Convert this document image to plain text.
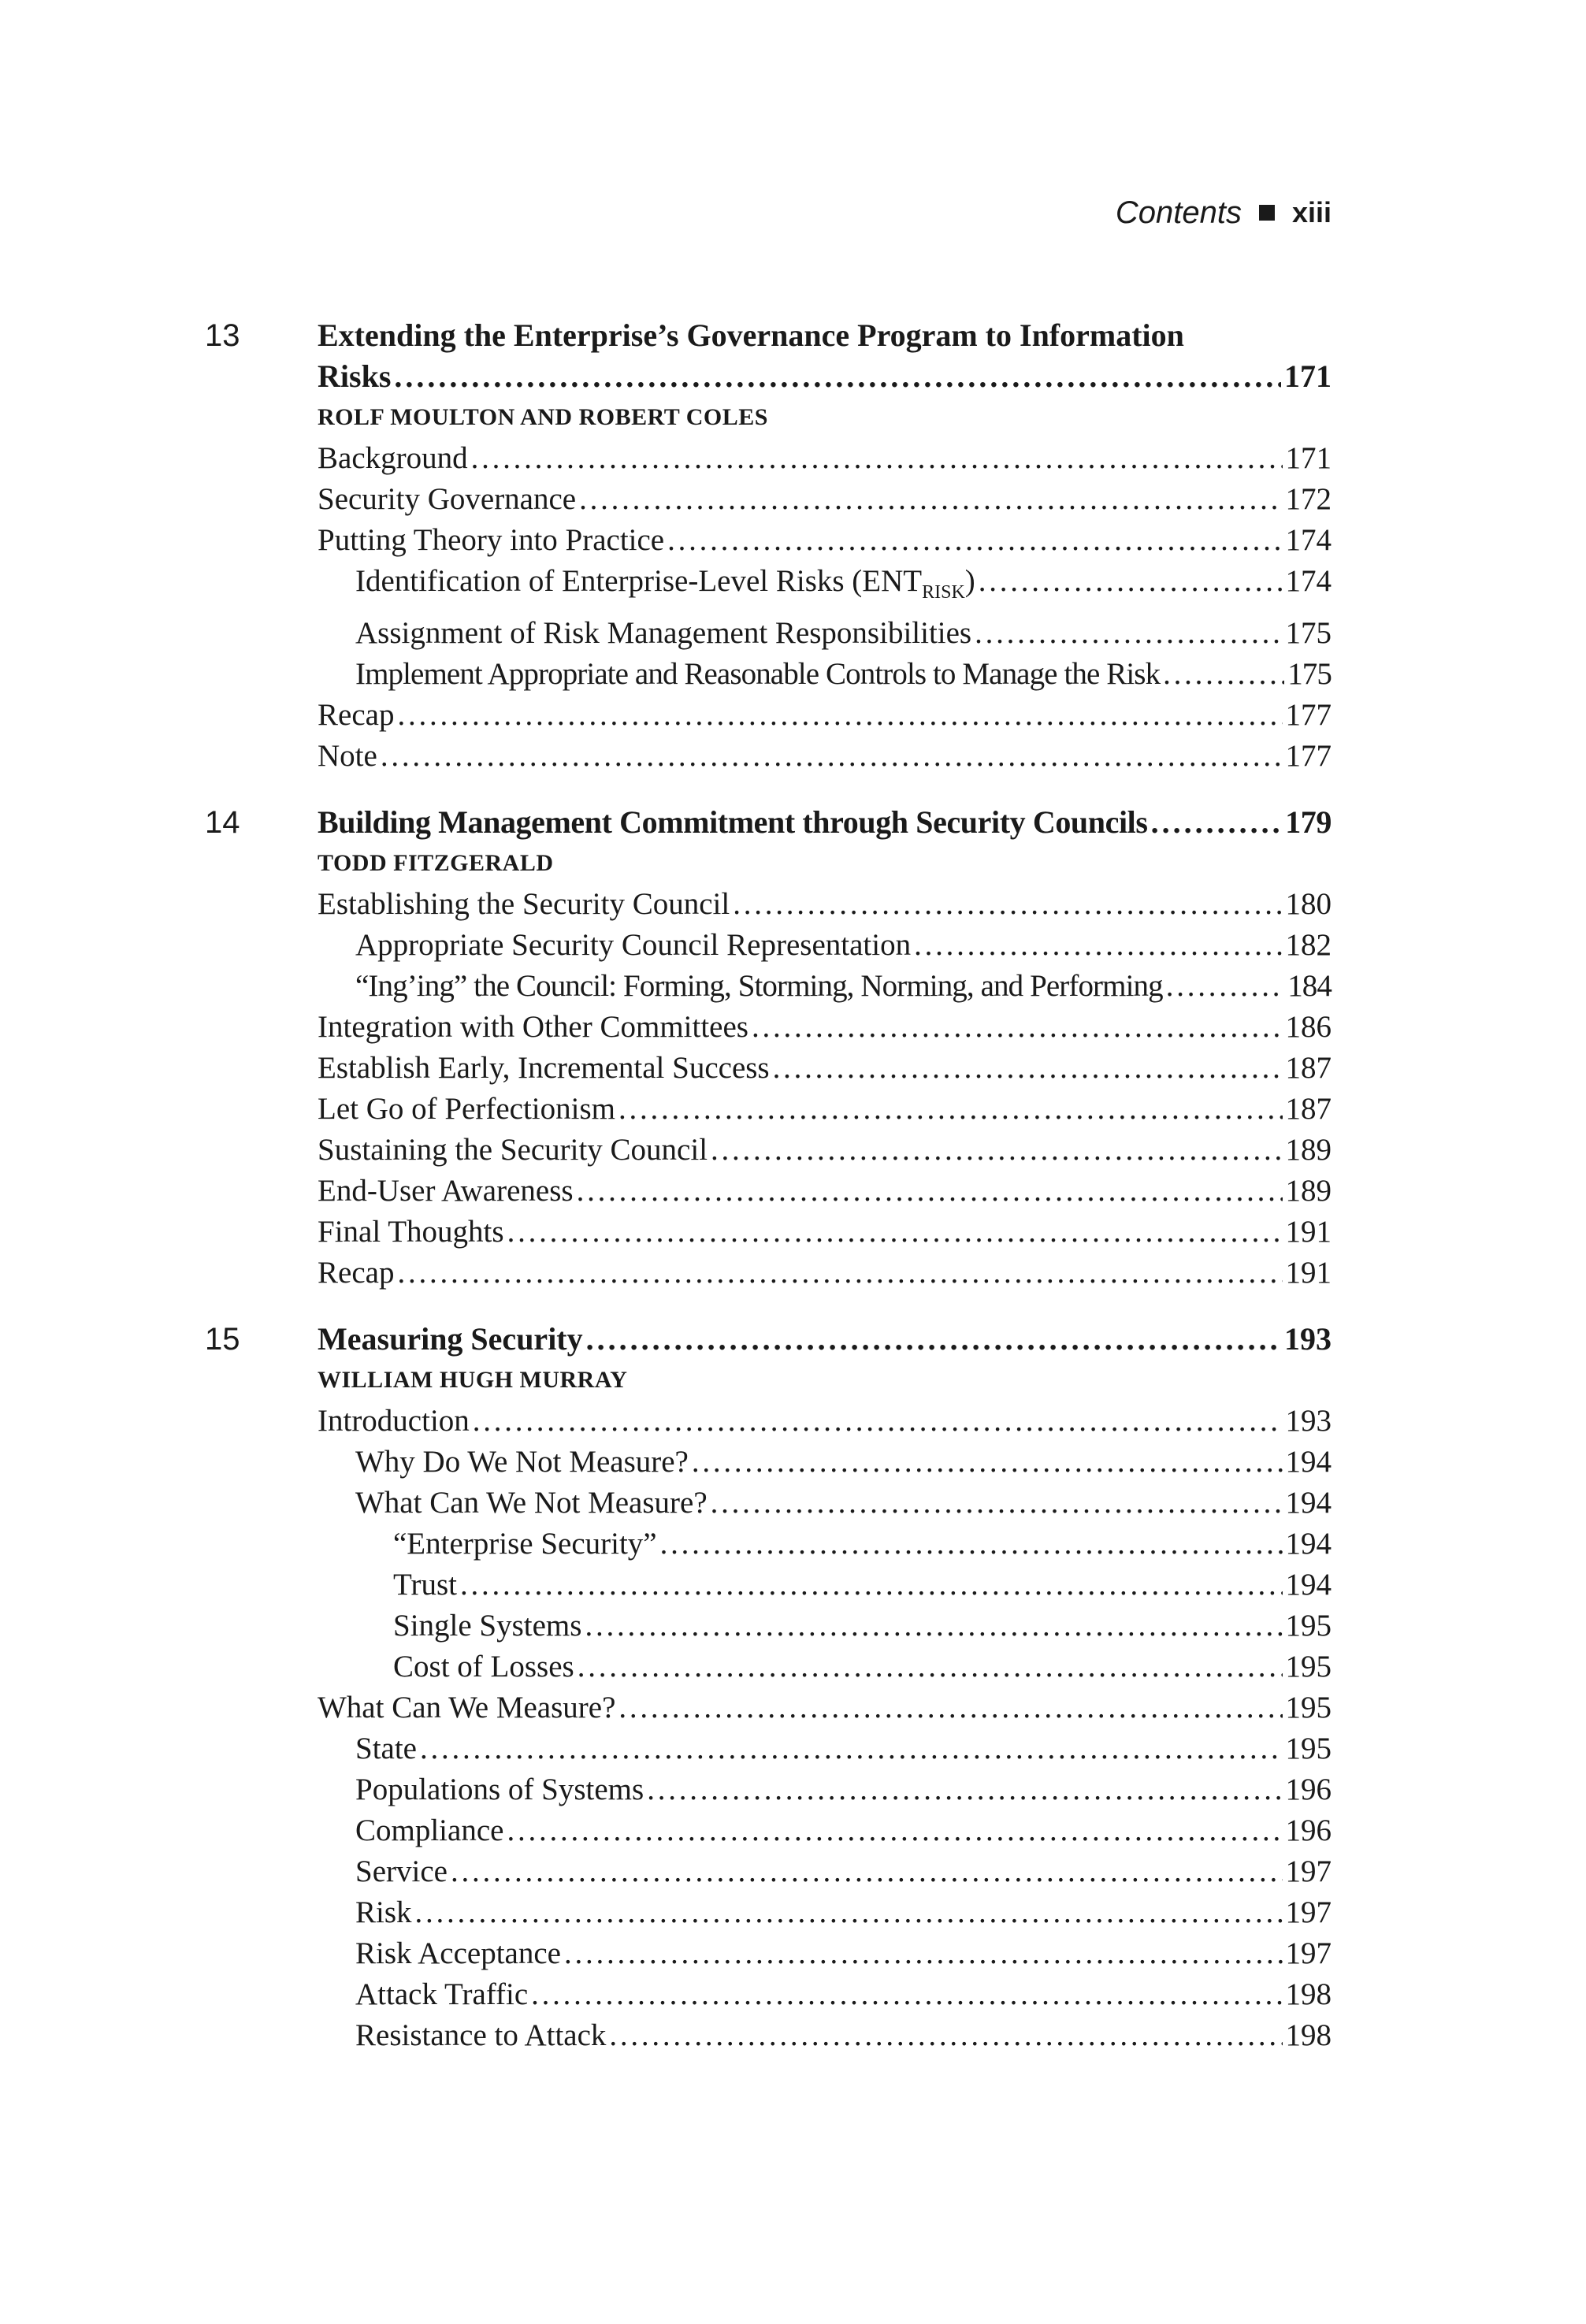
Contents xiii
13 Extending the Enterprise’s Governance Program to Information
Risks . . .	171
ROLF MOULTON AND ROBERT COLES
Background . . .	171
Security Governance . . .	172
Putting Theory into Practice . . .	174
Identification of Enterprise-Level Risks $(ENT_{RISK})$ . . .	174
Assignment of Risk Management Responsibilities . . .	175
Implement Appropriate and Reasonable Controls to Manage the Risk . . .	175
Recap . . .	177
Note . . .	177
14 Building Management Commitment through Security Councils . . .	179
TODD FITZGERALD
Establishing the Security Council . . .	180
Appropriate Security Council Representation . . .	182
“Ing’ing” the Council: Forming, Storming, Norming, and Performing . . .	184
Integration with Other Committees . . .	186
Establish Early, Incremental Success . . .	187
Let Go of Perfectionism . . .	187
Sustaining the Security Council . . .	189
End-User Awareness . . .	189
Final Thoughts . . .	191
Recap . . .	191
15 Measuring Security . . .	193
WILLIAM HUGH MURRAY
Introduction . . .	193
Why Do We Not Measure? . . .	194
What Can We Not Measure? . . .	194
“Enterprise Security” . . .	194
Trust . . .	194
Single Systems . . .	195
Cost of Losses . . .	195
What Can We Measure? . . .	195
State . . .	195
Populations of Systems . . .	196
Compliance . . .	196
Service . . .	197
Risk . . .	197
Risk Acceptance . . .	197
Attack Traffic . . .	198
Resistance to Attack . . .	198
